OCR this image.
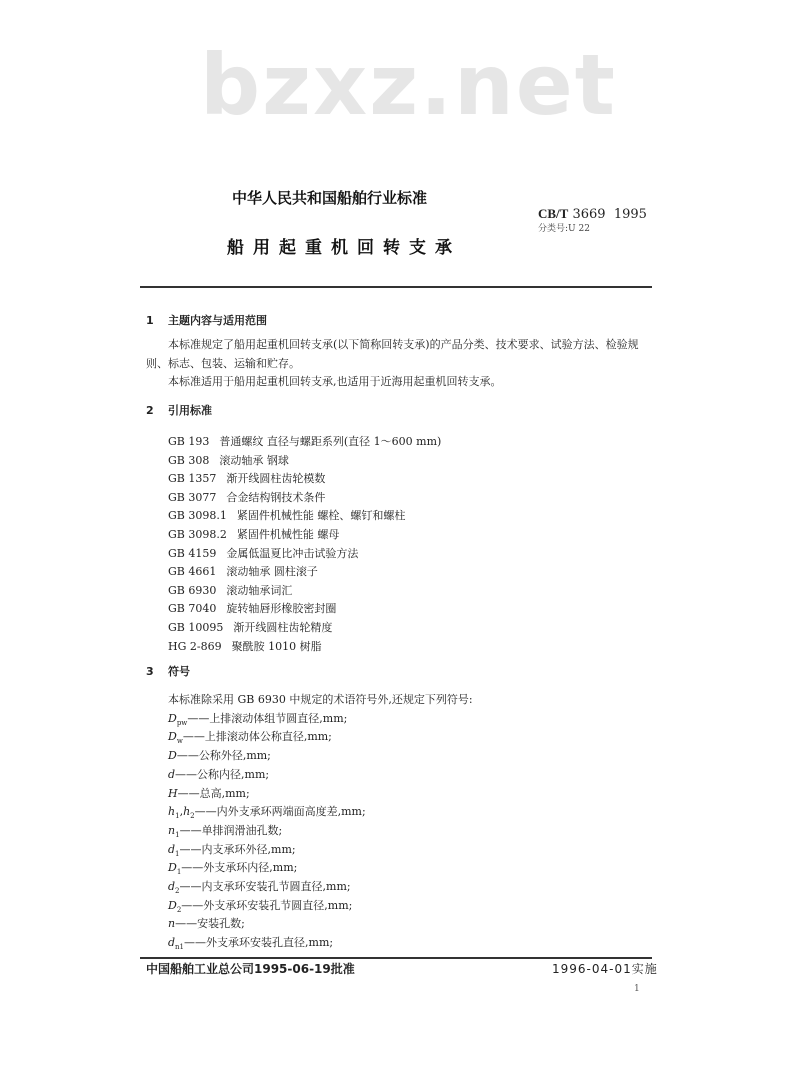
bzxz.net
中华人民共和国船舶行业标准
CB/T 3669  1995
分类号:U 22
船用起重机回转支承
1 主题内容与适用范围

本标准规定了船用起重机回转支承(以下简称回转支承)的产品分类、技术要求、试验方法、检验规

则、标志、包装、运输和贮存。

本标准适用于船用起重机回转支承,也适用于近海用起重机回转支承。

2 引用标准
GB 193 普通螺纹 直径与螺距系列(直径 1～600 mm)
GB 308 滚动轴承 钢球
GB 1357 渐开线圆柱齿轮模数
GB 3077 合金结构钢技术条件
GB 3098.1 紧固件机械性能 螺栓、螺钉和螺柱
GB 3098.2 紧固件机械性能 螺母
GB 4159 金属低温夏比冲击试验方法
GB 4661 滚动轴承 圆柱滚子
GB 6930 滚动轴承词汇
GB 7040 旋转轴唇形橡胶密封圈
GB 10095 渐开线圆柱齿轮精度
HG 2-869 聚酰胺 1010 树脂
3 符号
本标准除采用 GB 6930 中规定的术语符号外,还规定下列符号:
$D_{pw}——$上排滚动体组节圆直径,mm;
$D_w——$上排滚动体公称直径,mm;
D——公称外径,mm;
d——公称内径,mm;
H——总高,mm;
$h_1,h_2——$内外支承环两端面高度差,mm;
$n_1——$单排润滑油孔数;
$d_1——$内支承环外径,mm;
$D_1——$外支承环内径,mm;
$d_2——$内支承环安装孔节圆直径,mm;
$D_2——$外支承环安装孔节圆直径,mm;
n——安装孔数;
$d_{n1}——$外支承环安装孔直径,mm;
中国船舶工业总公司1995-06-19批准	1996-04-01实施
1
